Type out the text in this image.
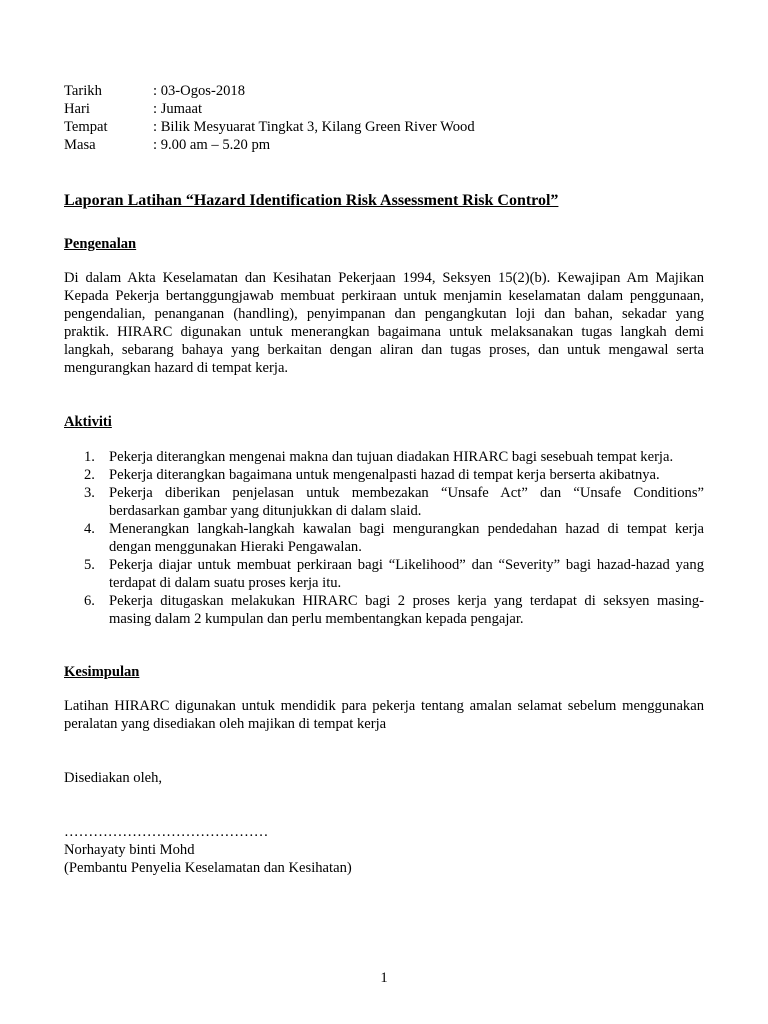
Tarikh	: 03-Ogos-2018
Hari	: Jumaat
Tempat	: Bilik Mesyuarat Tingkat 3, Kilang Green River Wood
Masa	: 9.00 am – 5.20 pm
Laporan Latihan “Hazard Identification Risk Assessment Risk Control”
Pengenalan
Di dalam Akta Keselamatan dan Kesihatan Pekerjaan 1994, Seksyen 15(2)(b). Kewajipan Am Majikan
Kepada Pekerja bertanggungjawab membuat perkiraan untuk menjamin keselamatan dalam penggunaan,
pengendalian, penanganan (handling), penyimpanan dan pengangkutan loji dan bahan, sekadar yang
praktik. HIRARC digunakan untuk menerangkan bagaimana untuk melaksanakan tugas langkah demi
langkah, sebarang bahaya yang berkaitan dengan aliran dan tugas proses, dan untuk mengawal serta
mengurangkan hazard di tempat kerja.
Aktiviti
1. Pekerja diterangkan mengenai makna dan tujuan diadakan HIRARC bagi sesebuah tempat kerja.
2. Pekerja diterangkan bagaimana untuk mengenalpasti hazad di tempat kerja berserta akibatnya.
3. Pekerja diberikan penjelasan untuk membezakan “Unsafe Act” dan “Unsafe Conditions”
berdasarkan gambar yang ditunjukkan di dalam slaid.
4. Menerangkan langkah-langkah kawalan bagi mengurangkan pendedahan hazad di tempat kerja
dengan menggunakan Hieraki Pengawalan.
5. Pekerja diajar untuk membuat perkiraan bagi “Likelihood” dan “Severity” bagi hazad-hazad yang
terdapat di dalam suatu proses kerja itu.
6. Pekerja ditugaskan melakukan HIRARC bagi 2 proses kerja yang terdapat di seksyen masing-
masing dalam 2 kumpulan dan perlu membentangkan kepada pengajar.
Kesimpulan
Latihan HIRARC digunakan untuk mendidik para pekerja tentang amalan selamat sebelum menggunakan
peralatan yang disediakan oleh majikan di tempat kerja
Disediakan oleh,
……………………………………
Norhayaty binti Mohd
(Pembantu Penyelia Keselamatan dan Kesihatan)
1
